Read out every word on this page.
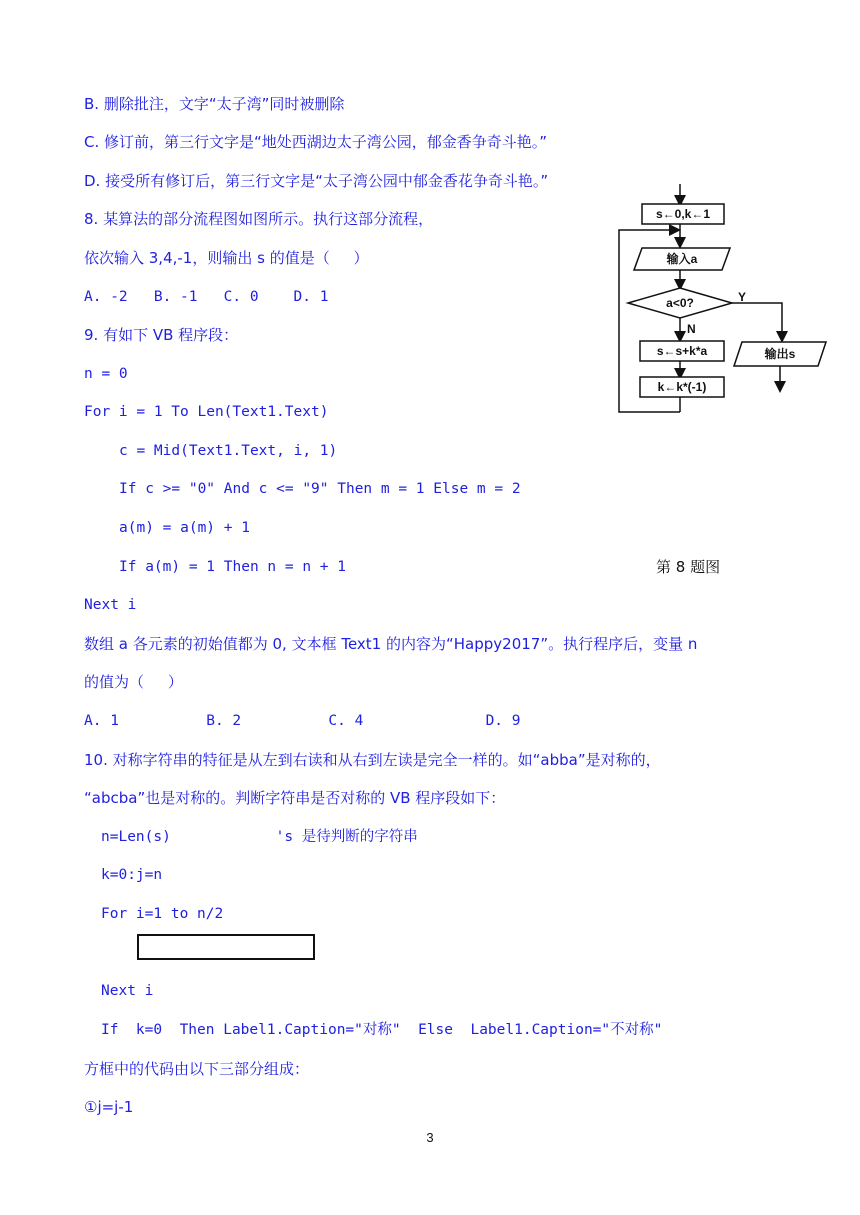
B. 删除批注，文字“太子湾”同时被删除
C. 修订前，第三行文字是“地处西湖边太子湾公园，郁金香争奇斗艳。”
D. 接受所有修订后，第三行文字是“太子湾公园中郁金香花争奇斗艳。”
8. 某算法的部分流程图如图所示。执行这部分流程，
依次输入 3,4,-1，则输出 s 的值是（     ）
A. -2   B. -1   C. 0    D. 1
9. 有如下 VB 程序段：
n = 0
For i = 1 To Len(Text1.Text)
c = Mid(Text1.Text, i, 1)
If c >= "0" And c <= "9" Then m = 1 Else m = 2
a(m) = a(m) + 1
If a(m) = 1 Then n = n + 1	第 8 题图
Next i
数组 a 各元素的初始值都为 0, 文本框 Text1 的内容为“Happy2017”。执行程序后，变量 n
的值为（     ）
A. 1          B. 2          C. 4              D. 9
10. 对称字符串的特征是从左到右读和从右到左读是完全一样的。如“abba”是对称的，
“abcba”也是对称的。判断字符串是否对称的 VB 程序段如下：
n=Len(s)            's 是待判断的字符串
k=0:j=n
For i=1 to n/2
Next i
If  k=0  Then Label1.Caption="对称"  Else  Label1.Caption="不对称"
方框中的代码由以下三部分组成：
①j=j-1
s←0,k←1
输入a
a<0?	Y
N
s←s+k*a
k←k*(-1)
输出s
3
